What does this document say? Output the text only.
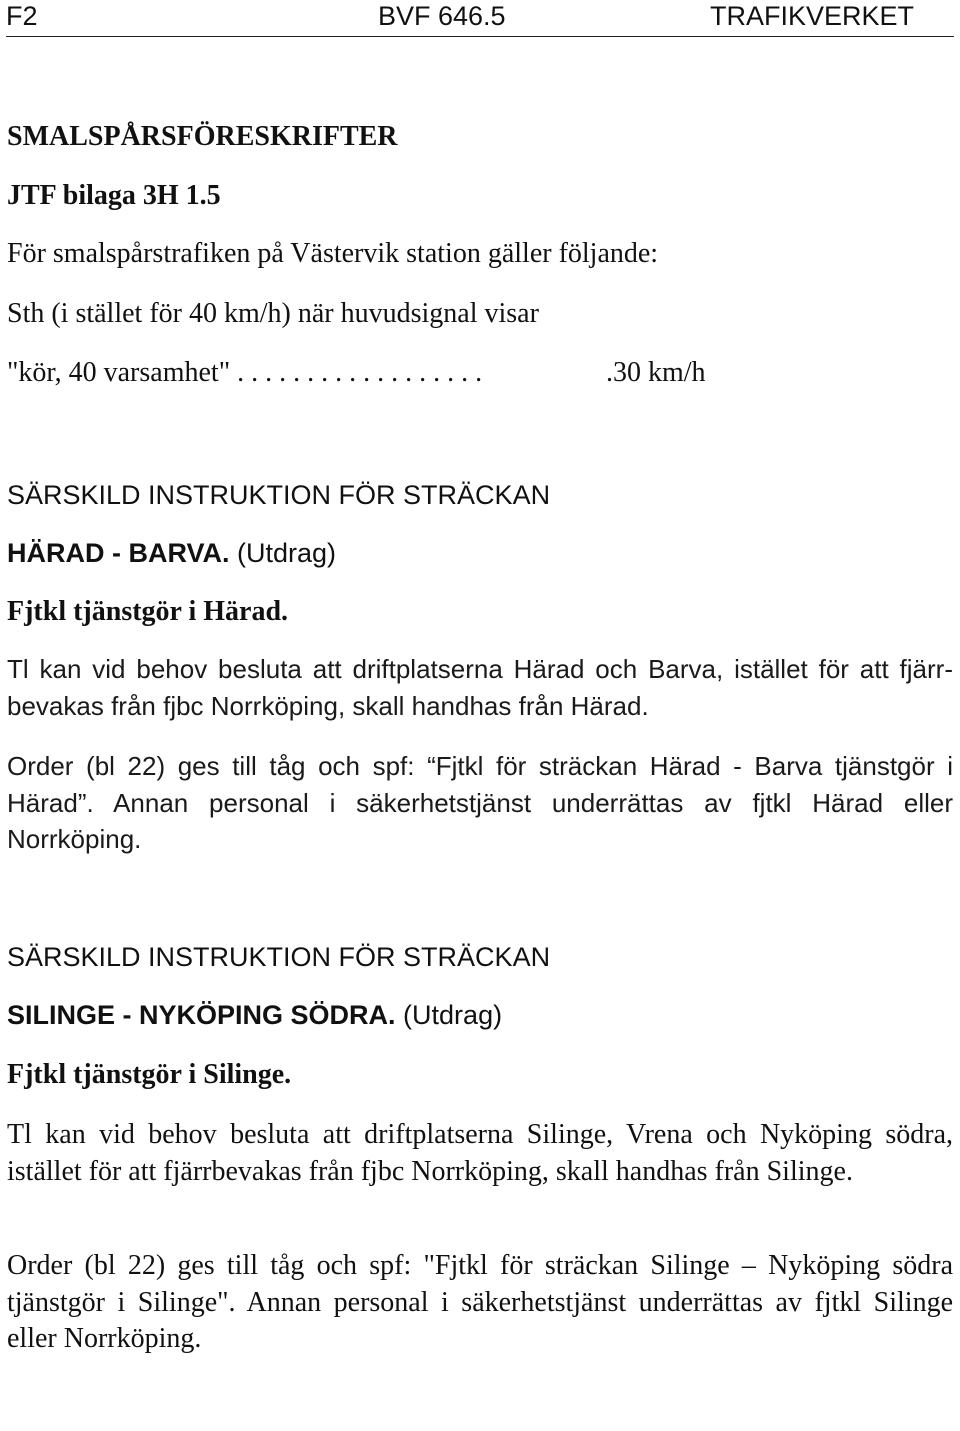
F2	BVF 646.5	TRAFIKVERKET
SMALSPÅRSFÖRESKRIFTER
JTF bilaga 3H 1.5
För smalspårstrafiken på Västervik station gäller följande:
Sth (i stället för 40 km/h) när huvudsignal visar
"kör, 40 varsamhet" . . . . . . . . . . . . . . . . . .	.30 km/h
SÄRSKILD INSTRUKTION FÖR STRÄCKAN
HÄRAD - BARVA. (Utdrag)
Fjtkl tjänstgör i Härad.
Tl kan vid behov besluta att driftplatserna Härad och Barva, istället för att fjärr-bevakas från fjbc Norrköping, skall handhas från Härad.
Order (bl 22) ges till tåg och spf: “Fjtkl för sträckan Härad - Barva tjänstgör i Härad”. Annan personal i säkerhetstjänst underrättas av fjtkl Härad eller Norrköping.
SÄRSKILD INSTRUKTION FÖR STRÄCKAN
SILINGE - NYKÖPING SÖDRA. (Utdrag)
Fjtkl tjänstgör i Silinge.
Tl kan vid behov besluta att driftplatserna Silinge, Vrena och Nyköping södra, istället för att fjärrbevakas från fjbc Norrköping, skall handhas från Silinge.
Order (bl 22) ges till tåg och spf: "Fjtkl för sträckan Silinge – Nyköping södra tjänstgör i Silinge". Annan personal i säkerhetstjänst underrättas av fjtkl Silinge eller Norrköping.
